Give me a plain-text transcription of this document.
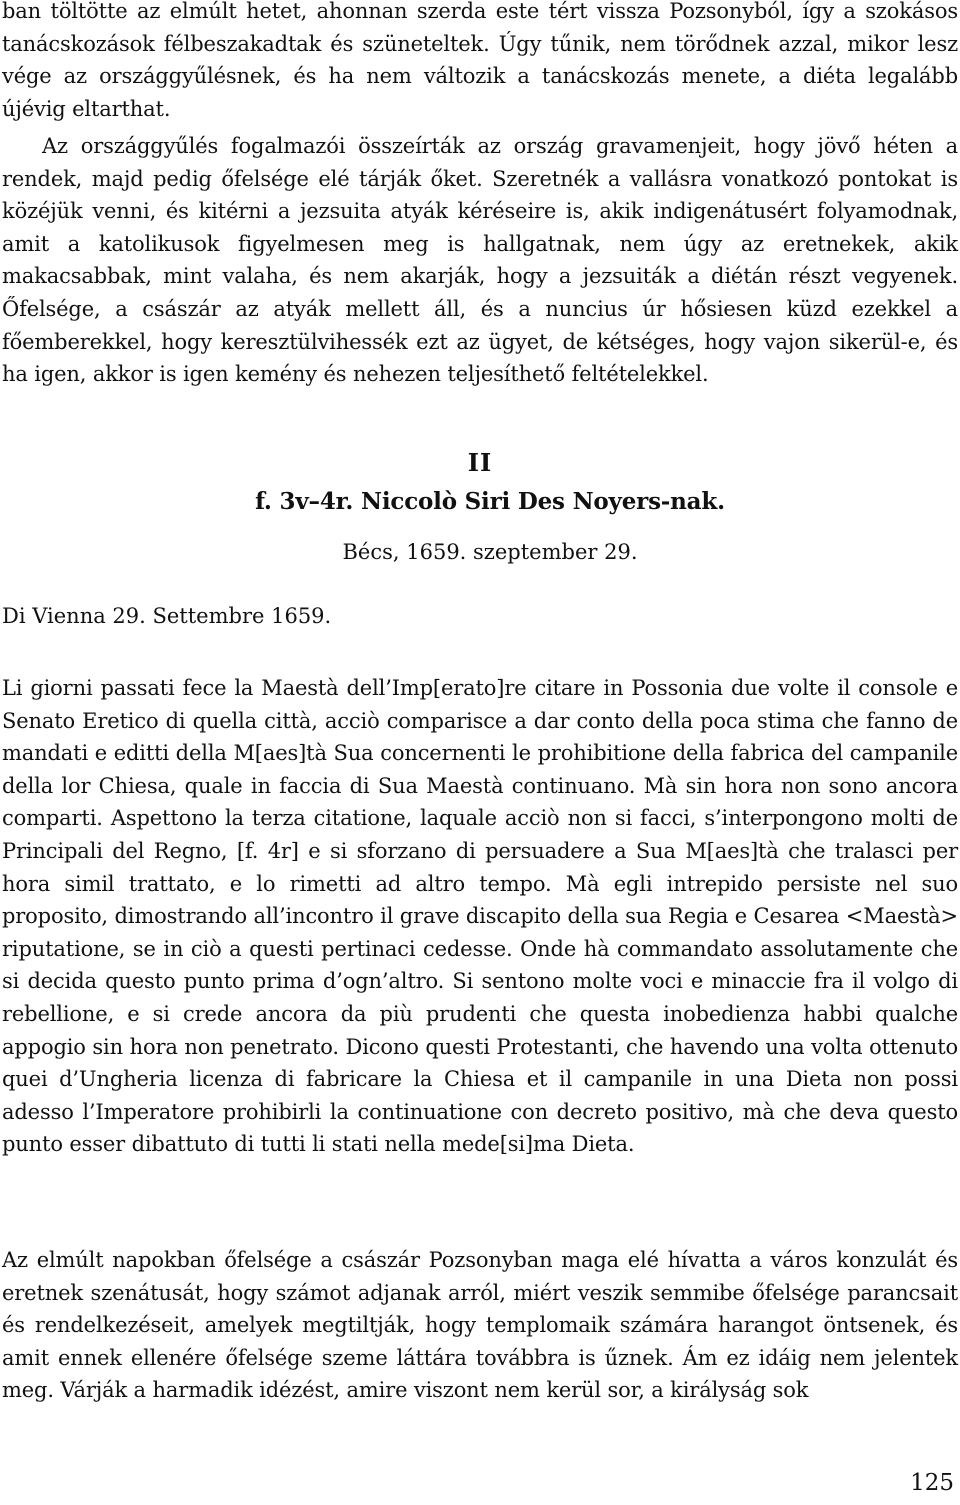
ban töltötte az elmúlt hetet, ahonnan szerda este tért vissza Pozsonyból, így a szokásos tanácskozások félbeszakadtak és szüneteltek. Úgy tűnik, nem törődnek azzal, mikor lesz vége az országgyűlésnek, és ha nem változik a tanácskozás menete, a diéta legalább újévig eltarthat.

Az országgyűlés fogalmazói összeírták az ország gravamenjeit, hogy jövő héten a rendek, majd pedig őfelsége elé tárják őket. Szeretnék a vallásra vonatkozó pontokat is közéjük venni, és kitérni a jezsuita atyák kéréseire is, akik indigenátusért folyamodnak, amit a katolikusok figyelmesen meg is hallgatnak, nem úgy az eretnekek, akik makacsabbak, mint valaha, és nem akarják, hogy a jezsuiták a diétán részt vegyenek. Őfelsége, a császár az atyák mellett áll, és a nuncius úr hősiesen küzd ezekkel a főemberekkel, hogy keresztülvihessék ezt az ügyet, de kétséges, hogy vajon sikerül-e, és ha igen, akkor is igen kemény és nehezen teljesíthető feltételekkel.

II
f. 3v–4r. Niccolò Siri Des Noyers-nak.

Bécs, 1659. szeptember 29.

Di Vienna 29. Settembre 1659.

Li giorni passati fece la Maestà dell’Imp[erato]re citare in Possonia due volte il console e Senato Eretico di quella città, acciò comparisce a dar conto della poca stima che fanno de mandati e editti della M[aes]tà Sua concernenti le prohibitione della fabrica del campanile della lor Chiesa, quale in faccia di Sua Maestà continuano. Mà sin hora non sono ancora comparti. Aspettono la terza citatione, laquale acciò non si facci, s’interpongono molti de Principali del Regno, [f. 4r] e si sforzano di persuadere a Sua M[aes]tà che tralasci per hora simil trattato, e lo rimetti ad altro tempo. Mà egli intrepido persiste nel suo proposito, dimostrando all’incontro il grave discapito della sua Regia e Cesarea <Maestà> riputatione, se in ciò a questi pertinaci cedesse. Onde hà commandato assolutamente che si decida questo punto prima d’ogn’altro. Si sentono molte voci e minaccie fra il volgo di rebellione, e si crede ancora da più prudenti che questa inobedienza habbi qualche appogio sin hora non penetrato. Dicono questi Protestanti, che havendo una volta ottenuto quei d’Ungheria licenza di fabricare la Chiesa et il campanile in una Dieta non possi adesso l’Imperatore prohibirli la continuatione con decreto positivo, mà che deva questo punto esser dibattuto di tutti li stati nella mede[si]ma Dieta.

Az elmúlt napokban őfelsége a császár Pozsonyban maga elé hívatta a város konzulát és eretnek szenátusát, hogy számot adjanak arról, miért veszik semmibe őfelsége parancsait és rendelkezéseit, amelyek megtiltják, hogy templomaik számára harangot öntsenek, és amit ennek ellenére őfelsége szeme láttára továbbra is űznek. Ám ez idáig nem jelentek meg. Várják a harmadik idézést, amire viszont nem kerül sor, a királyság sok

125
